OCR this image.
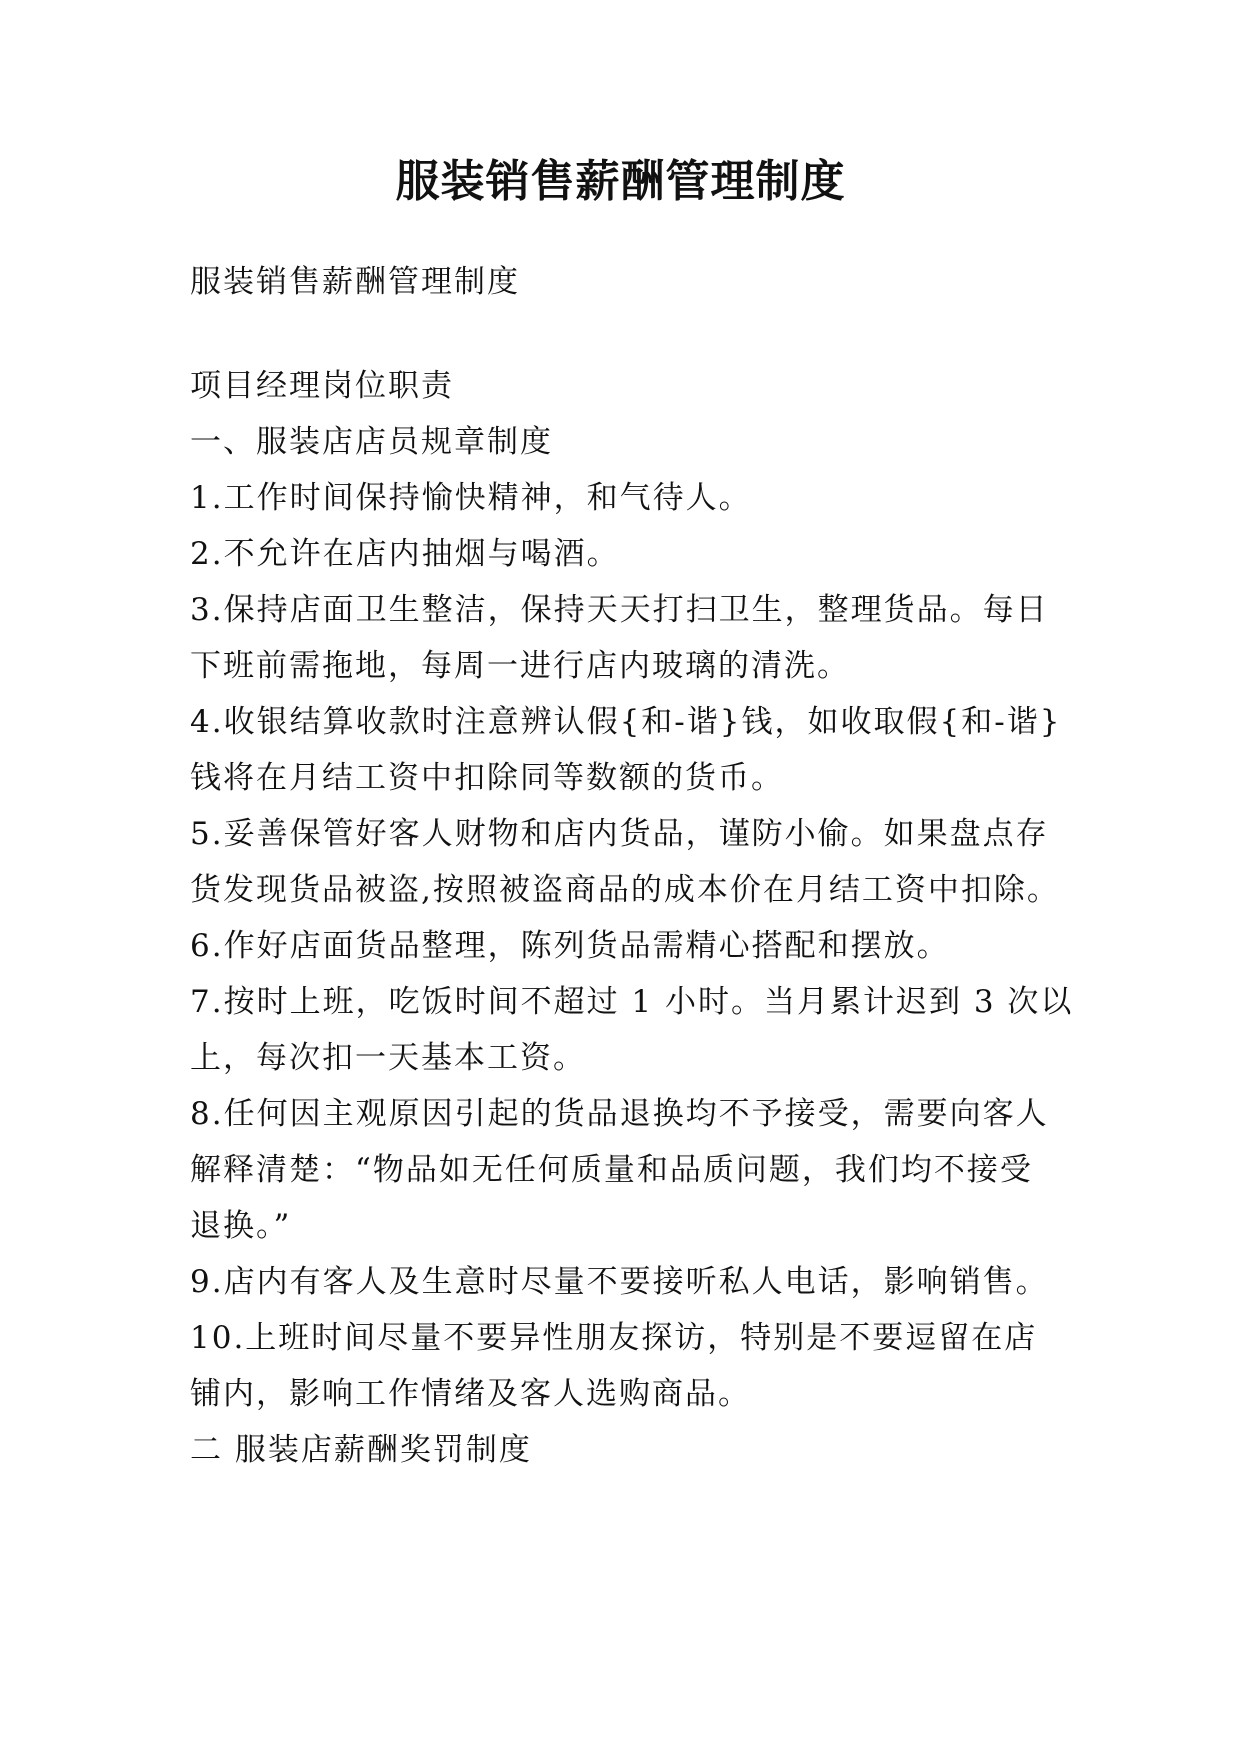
服装销售薪酬管理制度
服装销售薪酬管理制度
项目经理岗位职责
一、服装店店员规章制度
1.工作时间保持愉快精神，和气待人。
2.不允许在店内抽烟与喝酒。
3.保持店面卫生整洁，保持天天打扫卫生，整理货品。每日
下班前需拖地，每周一进行店内玻璃的清洗。
4.收银结算收款时注意辨认假{和-谐}钱，如收取假{和-谐}
钱将在月结工资中扣除同等数额的货币。
5.妥善保管好客人财物和店内货品，谨防小偷。如果盘点存
货发现货品被盗,按照被盗商品的成本价在月结工资中扣除。
6.作好店面货品整理，陈列货品需精心搭配和摆放。
7.按时上班，吃饭时间不超过 1 小时。当月累计迟到 3 次以
上，每次扣一天基本工资。
8.任何因主观原因引起的货品退换均不予接受，需要向客人
解释清楚：“物品如无任何质量和品质问题，我们均不接受
退换。”
9.店内有客人及生意时尽量不要接听私人电话，影响销售。
10.上班时间尽量不要异性朋友探访，特别是不要逗留在店
铺内，影响工作情绪及客人选购商品。
二 服装店薪酬奖罚制度
